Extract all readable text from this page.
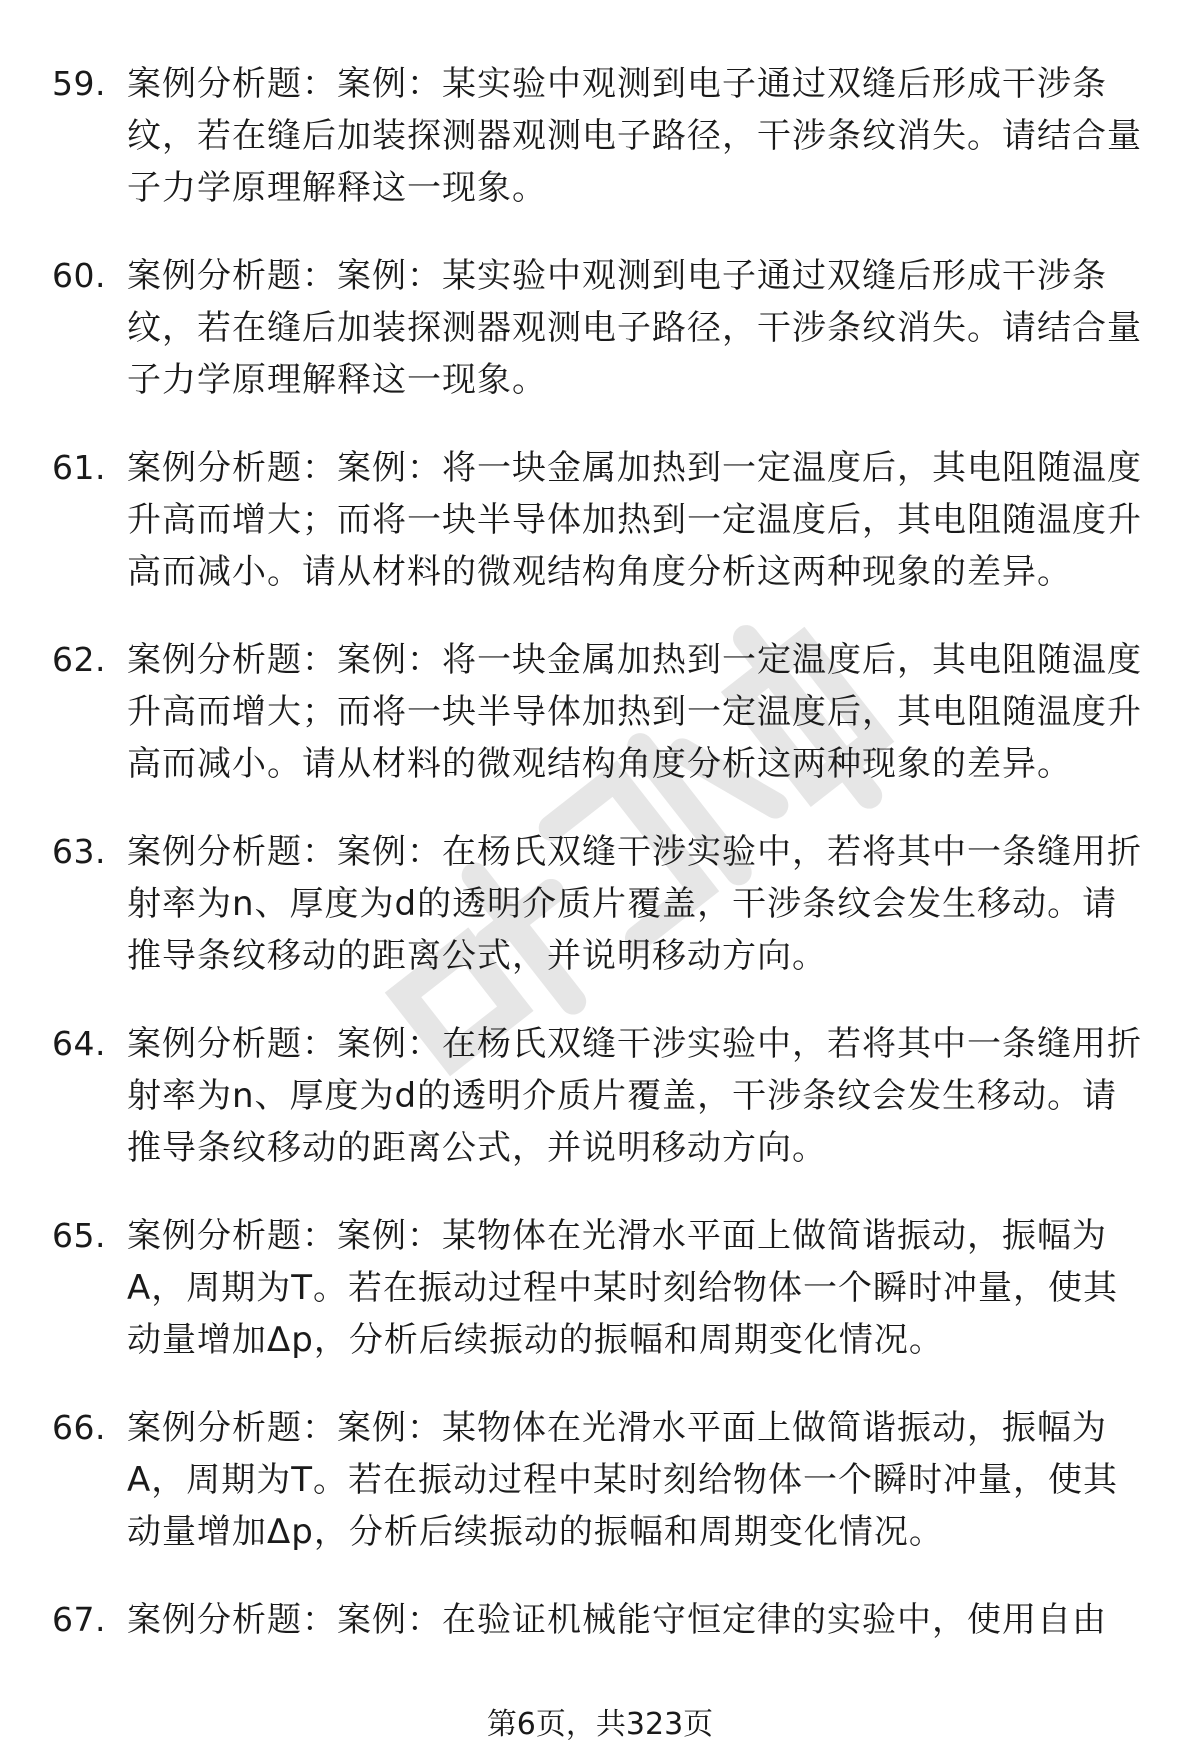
59. 案例分析题：案例：某实验中观测到电子通过双缝后形成干涉条纹，若在缝后加装探测器观测电子路径，干涉条纹消失。请结合量子力学原理解释这一现象。
60. 案例分析题：案例：某实验中观测到电子通过双缝后形成干涉条纹，若在缝后加装探测器观测电子路径，干涉条纹消失。请结合量子力学原理解释这一现象。
61. 案例分析题：案例：将一块金属加热到一定温度后，其电阻随温度升高而增大；而将一块半导体加热到一定温度后，其电阻随温度升高而减小。请从材料的微观结构角度分析这两种现象的差异。
62. 案例分析题：案例：将一块金属加热到一定温度后，其电阻随温度升高而增大；而将一块半导体加热到一定温度后，其电阻随温度升高而减小。请从材料的微观结构角度分析这两种现象的差异。
63. 案例分析题：案例：在杨氏双缝干涉实验中，若将其中一条缝用折射率为n、厚度为d的透明介质片覆盖，干涉条纹会发生移动。请推导条纹移动的距离公式，并说明移动方向。
64. 案例分析题：案例：在杨氏双缝干涉实验中，若将其中一条缝用折射率为n、厚度为d的透明介质片覆盖，干涉条纹会发生移动。请推导条纹移动的距离公式，并说明移动方向。
65. 案例分析题：案例：某物体在光滑水平面上做简谐振动，振幅为A，周期为T。若在振动过程中某时刻给物体一个瞬时冲量，使其动量增加Δp，分析后续振动的振幅和周期变化情况。
66. 案例分析题：案例：某物体在光滑水平面上做简谐振动，振幅为A，周期为T。若在振动过程中某时刻给物体一个瞬时冲量，使其动量增加Δp，分析后续振动的振幅和周期变化情况。
67. 案例分析题：案例：在验证机械能守恒定律的实验中，使用自由
第6页，共323页
